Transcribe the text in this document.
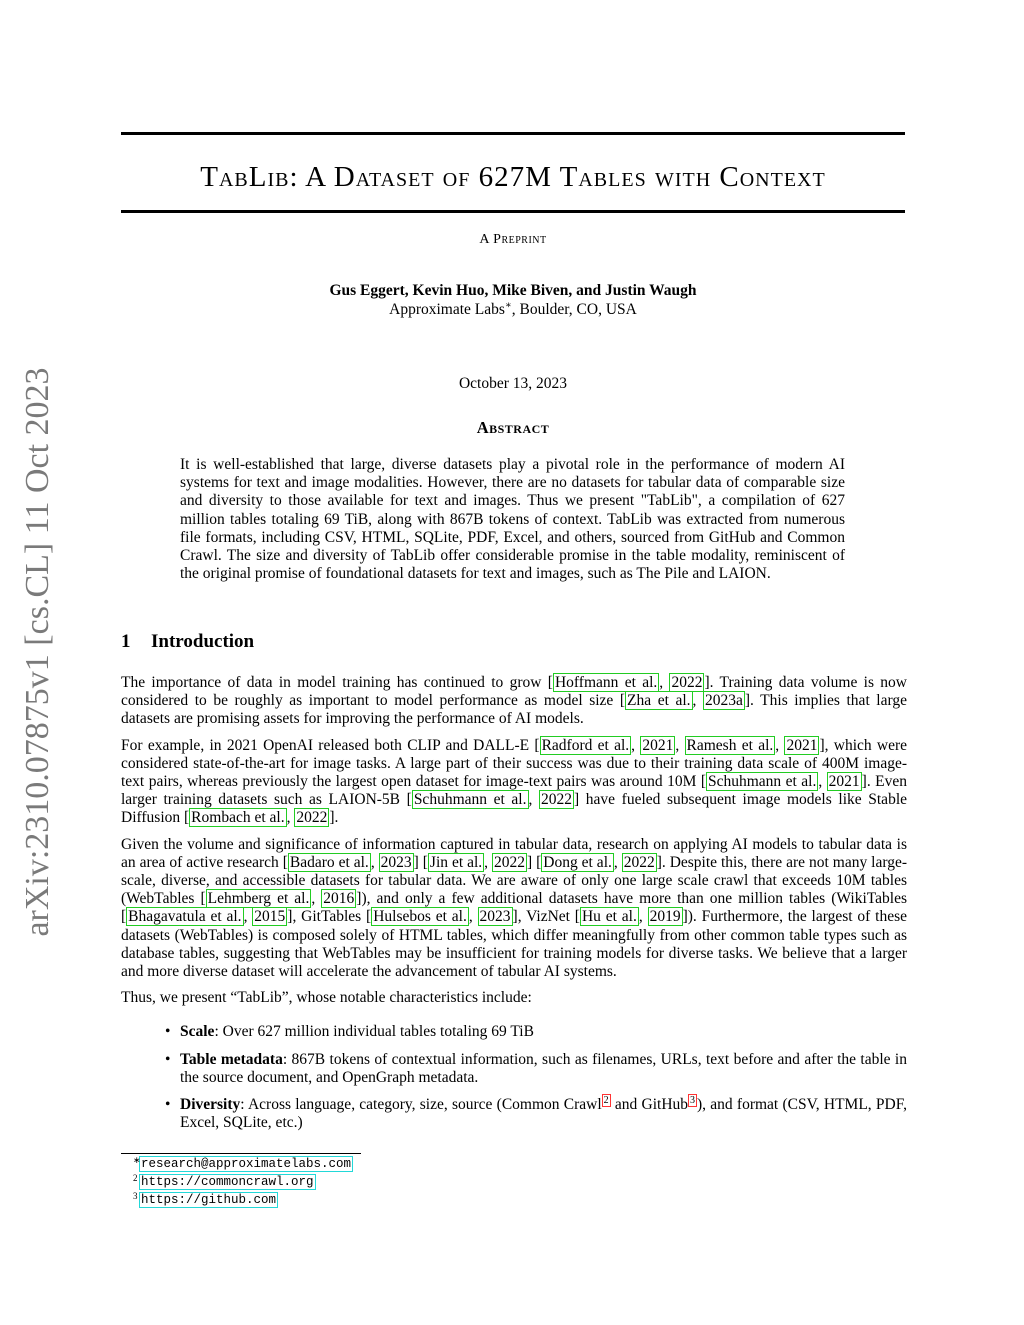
arXiv:2310.07875v1 [cs.CL] 11 Oct 2023
TabLib: A Dataset of 627M Tables with Context
A Preprint
Gus Eggert, Kevin Huo, Mike Biven, and Justin Waugh
Approximate Labs∗, Boulder, CO, USA
October 13, 2023
Abstract
It is well-established that large, diverse datasets play a pivotal role in the performance of modern AI systems for text and image modalities. However, there are no datasets for tabular data of comparable size and diversity to those available for text and images. Thus we present "TabLib", a compilation of 627 million tables totaling 69 TiB, along with 867B tokens of context. TabLib was extracted from numerous file formats, including CSV, HTML, SQLite, PDF, Excel, and others, sourced from GitHub and Common Crawl. The size and diversity of TabLib offer considerable promise in the table modality, reminiscent of the original promise of foundational datasets for text and images, such as The Pile and LAION.
1 Introduction

The importance of data in model training has continued to grow [ Hoffmann et al. , 2022 ]. Training data volume is now considered to be roughly as important to model performance as model size [ Zha et al. , 2023a ]. This implies that large datasets are promising assets for improving the performance of AI models.

For example, in 2021 OpenAI released both CLIP and DALL-E [ Radford et al. , 2021 , Ramesh et al. , 2021 ], which were considered state-of-the-art for image tasks. A large part of their success was due to their training data scale of 400M image-text pairs, whereas previously the largest open dataset for image-text pairs was around 10M [ Schuhmann et al. , 2021 ]. Even larger training datasets such as LAION-5B [ Schuhmann et al. , 2022 ] have fueled subsequent image models like Stable Diffusion [ Rombach et al. , 2022 ].

Given the volume and significance of information captured in tabular data, research on applying AI models to tabular data is an area of active research [ Badaro et al. , 2023 ] [ Jin et al. , 2022 ] [ Dong et al. , 2022 ]. Despite this, there are not many large-scale, diverse, and accessible datasets for tabular data. We are aware of only one large scale crawl that exceeds 10M tables (WebTables [ Lehmberg et al. , 2016 ]), and only a few additional datasets have more than one million tables (WikiTables [ Bhagavatula et al. , 2015 ], GitTables [ Hulsebos et al. , 2023 ], VizNet [ Hu et al. , 2019 ]). Furthermore, the largest of these datasets (WebTables) is composed solely of HTML tables, which differ meaningfully from other common table types such as database tables, suggesting that WebTables may be insufficient for training models for diverse tasks. We believe that a larger and more diverse dataset will accelerate the advancement of tabular AI systems.

Thus, we present “TabLib”, whose notable characteristics include:

• Scale: Over 627 million individual tables totaling 69 TiB
• Table metadata: 867B tokens of contextual information, such as filenames, URLs, text before and after the table in the source document, and OpenGraph metadata.
• Diversity: Across language, category, size, source (Common Crawl $^2$ and GitHub $^3$ ), and format (CSV, HTML, PDF, Excel, SQLite, etc.)
∗ research@approximatelabs.com
2 https://commoncrawl.org
3 https://github.com
